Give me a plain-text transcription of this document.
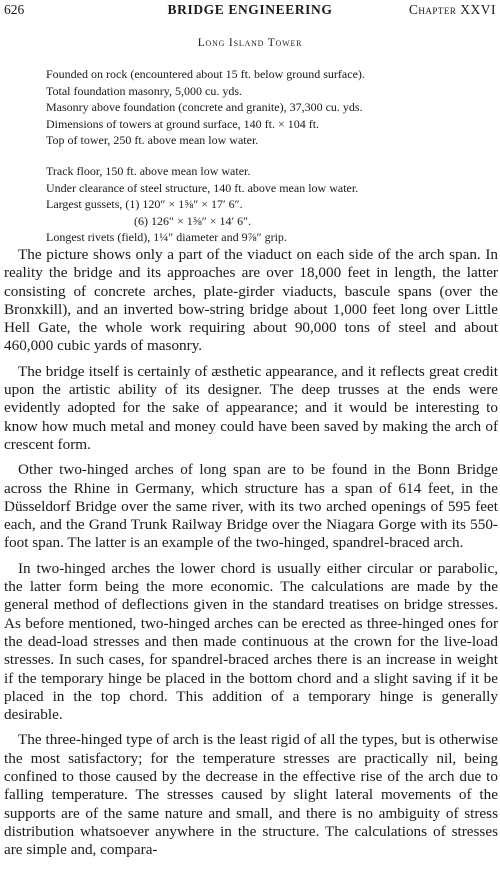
626	BRIDGE ENGINEERING	Chapter XXVI
Long Island Tower
Founded on rock (encountered about 15 ft. below ground surface).
Total foundation masonry, 5,000 cu. yds.
Masonry above foundation (concrete and granite), 37,300 cu. yds.
Dimensions of towers at ground surface, 140 ft. × 104 ft.
Top of tower, 250 ft. above mean low water.
Track floor, 150 ft. above mean low water.
Under clearance of steel structure, 140 ft. above mean low water.
Largest gussets, (1) 120″ × 1⅝″ × 17′ 6″.
(6) 126″ × 1⅝″ × 14′ 6″.
Longest rivets (field), 1¼″ diameter and 9⅞″ grip.

The picture shows only a part of the viaduct on each side of the arch span. In reality the bridge and its approaches are over 18,000 feet in length, the latter consisting of concrete arches, plate-girder viaducts, bascule spans (over the Bronxkill), and an inverted bow-string bridge about 1,000 feet long over Little Hell Gate, the whole work requiring about 90,000 tons of steel and about 460,000 cubic yards of masonry.

The bridge itself is certainly of æsthetic appearance, and it reflects great credit upon the artistic ability of its designer. The deep trusses at the ends were evidently adopted for the sake of appearance; and it would be interesting to know how much metal and money could have been saved by making the arch of crescent form.

Other two-hinged arches of long span are to be found in the Bonn Bridge across the Rhine in Germany, which structure has a span of 614 feet, in the Düsseldorf Bridge over the same river, with its two arched openings of 595 feet each, and the Grand Trunk Railway Bridge over the Niagara Gorge with its 550-foot span. The latter is an example of the two-hinged, spandrel-braced arch.

In two-hinged arches the lower chord is usually either circular or parabolic, the latter form being the more economic. The calculations are made by the general method of deflections given in the standard treatises on bridge stresses. As before mentioned, two-hinged arches can be erected as three-hinged ones for the dead-load stresses and then made continuous at the crown for the live-load stresses. In such cases, for spandrel-braced arches there is an increase in weight if the temporary hinge be placed in the bottom chord and a slight saving if it be placed in the top chord. This addition of a temporary hinge is generally desirable.

The three-hinged type of arch is the least rigid of all the types, but is otherwise the most satisfactory; for the temperature stresses are practically nil, being confined to those caused by the decrease in the effective rise of the arch due to falling temperature. The stresses caused by slight lateral movements of the supports are of the same nature and small, and there is no ambiguity of stress distribution whatsoever anywhere in the structure. The calculations of stresses are simple and, compara-
